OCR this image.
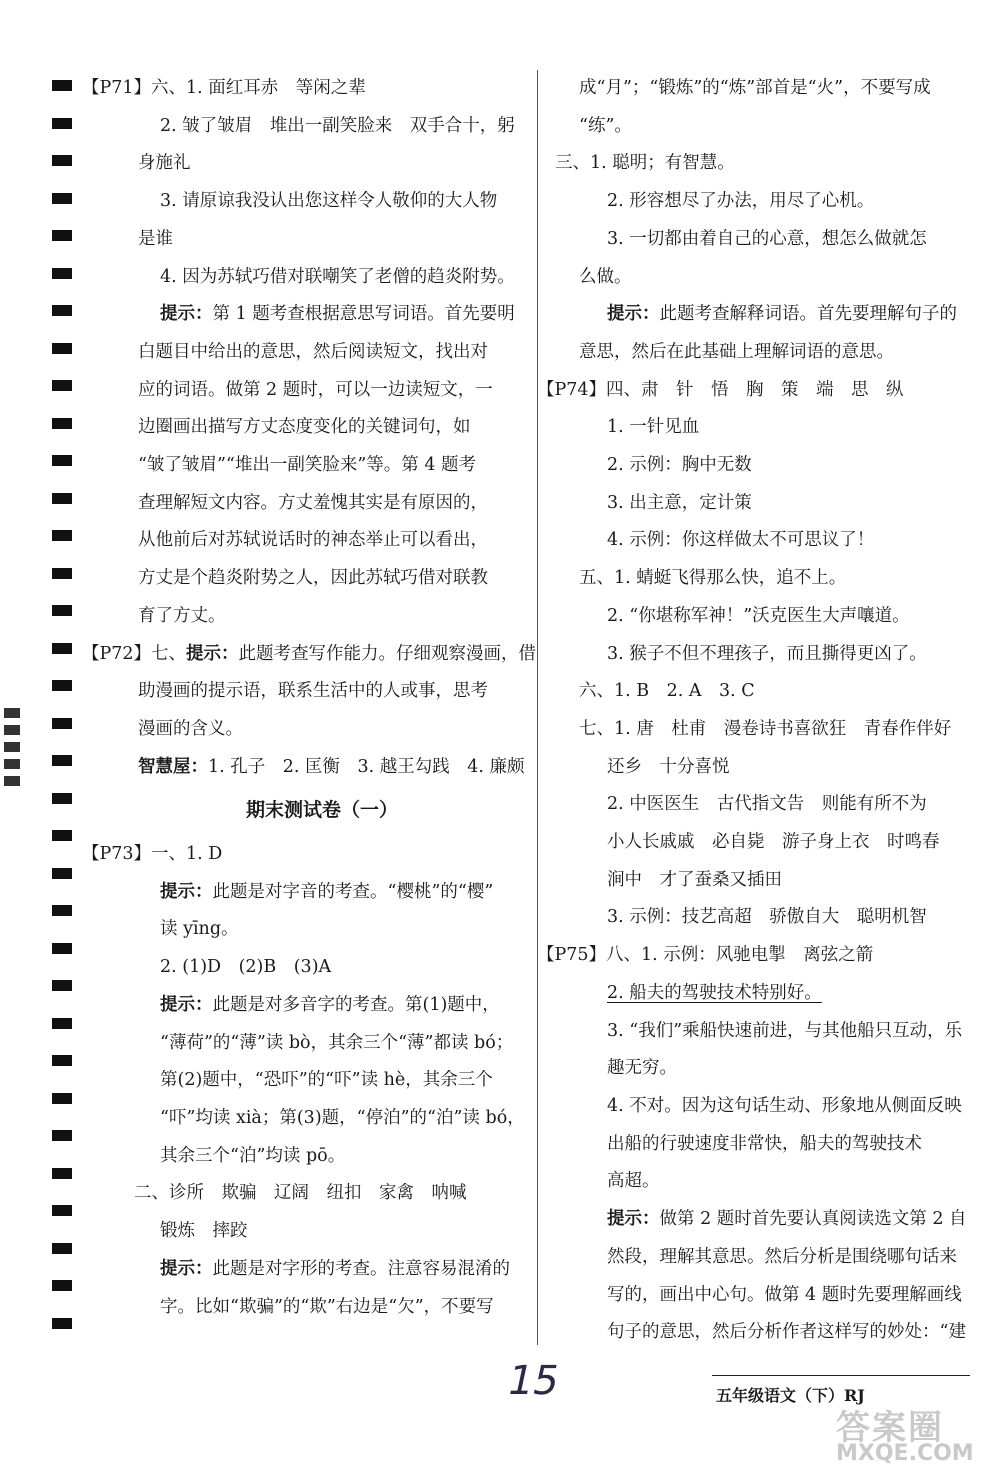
【P71】六、1. 面红耳赤　等闲之辈
2. 皱了皱眉　堆出一副笑脸来　双手合十，躬
身施礼
3. 请原谅我没认出您这样令人敬仰的大人物
是谁
4. 因为苏轼巧借对联嘲笑了老僧的趋炎附势。
提示：第 1 题考查根据意思写词语。首先要明
白题目中给出的意思，然后阅读短文，找出对
应的词语。做第 2 题时，可以一边读短文，一
边圈画出描写方丈态度变化的关键词句，如
“皱了皱眉”“堆出一副笑脸来”等。第 4 题考
查理解短文内容。方丈羞愧其实是有原因的，
从他前后对苏轼说话时的神态举止可以看出，
方丈是个趋炎附势之人，因此苏轼巧借对联教
育了方丈。
【P72】七、提示：此题考查写作能力。仔细观察漫画，借
助漫画的提示语，联系生活中的人或事，思考
漫画的含义。
智慧屋：1. 孔子　2. 匡衡　3. 越王勾践　4. 廉颇
期末测试卷（一）
【P73】一、1. D
提示：此题是对字音的考查。“樱桃”的“樱”
读 yīng。
2. (1)D　(2)B　(3)A
提示：此题是对多音字的考查。第(1)题中，
“薄荷”的“薄”读 bò，其余三个“薄”都读 bó；
第(2)题中，“恐吓”的“吓”读 hè，其余三个
“吓”均读 xià；第(3)题，“停泊”的“泊”读 bó，
其余三个“泊”均读 pō。
二、诊所　欺骗　辽阔　纽扣　家禽　呐喊
锻炼　摔跤
提示：此题是对字形的考查。注意容易混淆的
字。比如“欺骗”的“欺”右边是“欠”，不要写
成“月”；“锻炼”的“炼”部首是“火”，不要写成
“练”。
三、1. 聪明；有智慧。
2. 形容想尽了办法，用尽了心机。
3. 一切都由着自己的心意，想怎么做就怎
么做。
提示：此题考查解释词语。首先要理解句子的
意思，然后在此基础上理解词语的意思。
【P74】四、肃　针　悟　胸　策　端　思　纵
1. 一针见血
2. 示例：胸中无数
3. 出主意，定计策
4. 示例：你这样做太不可思议了！
五、1. 蜻蜓飞得那么快，追不上。
2. “你堪称军神！”沃克医生大声嚷道。
3. 猴子不但不理孩子，而且撕得更凶了。
六、1. B　2. A　3. C
七、1. 唐　杜甫　漫卷诗书喜欲狂　青春作伴好
还乡　十分喜悦
2. 中医医生　古代指文告　则能有所不为
小人长戚戚　必自毙　游子身上衣　时鸣春
涧中　才了蚕桑又插田
3. 示例：技艺高超　骄傲自大　聪明机智
【P75】八、1. 示例：风驰电掣　离弦之箭
2. 船夫的驾驶技术特别好。
3. “我们”乘船快速前进，与其他船只互动，乐
趣无穷。
4. 不对。因为这句话生动、形象地从侧面反映
出船的行驶速度非常快，船夫的驾驶技术
高超。
提示：做第 2 题时首先要认真阅读选文第 2 自
然段，理解其意思。然后分析是围绕哪句话来
写的，画出中心句。做第 4 题时先要理解画线
句子的意思，然后分析作者这样写的妙处：“建
15	五年级语文（下）RJ
答案圈
MXQE.COM
